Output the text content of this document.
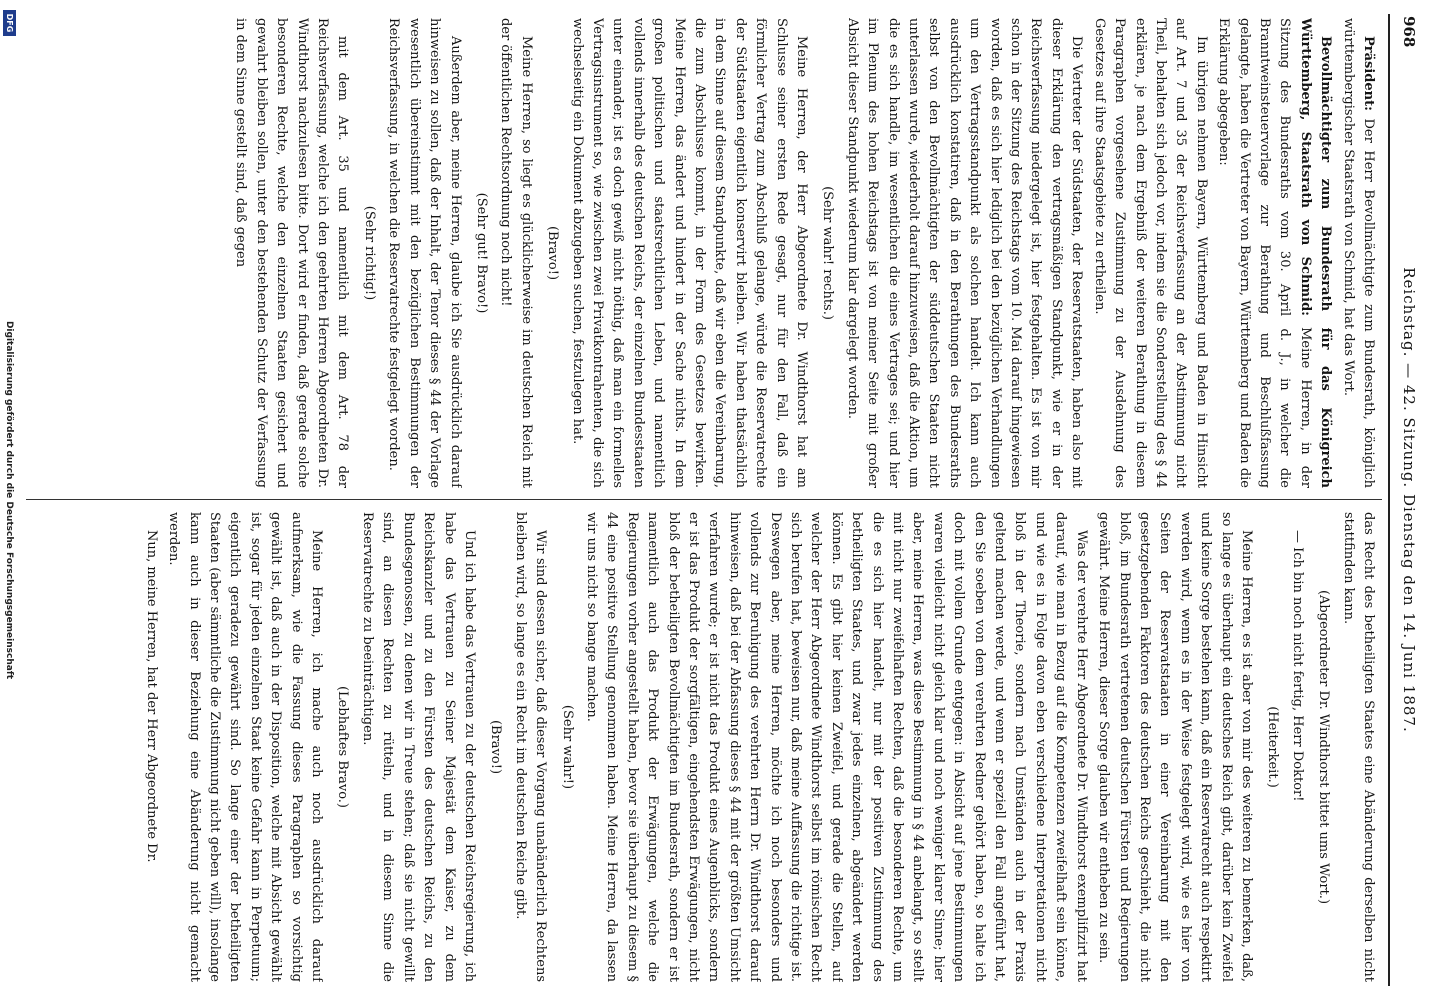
968
Reichstag. — 42. Sitzung. Dienstag den 14. Juni 1887.

Präsident: Der Herr Bevollmächtigte zum Bundesrath, königlich württembergischer Staatsrath von Schmid, hat das Wort.

Bevollmächtigter zum Bundesrath für das Königreich Württemberg, Staatsrath von Schmid: Meine Herren, in der Sitzung des Bundesraths vom 30. April d. J., in welcher die Branntweinsteuervorlage zur Berathung und Beschlußfassung gelangte, haben die Vertreter von Bayern, Württemberg und Baden die Erklärung abgegeben:

Im übrigen nehmen Bayern, Württemberg und Baden in Hinsicht auf Art. 7 und 35 der Reichsverfassung an der Abstimmung nicht Theil, behalten sich jedoch vor, indem sie die Sonderstellung des § 44 erklären, je nach dem Ergebniß der weiteren Berathung in diesem Paragraphen vorgesehene Zustimmung zu der Ausdehnung des Gesetzes auf ihre Staatsgebiete zu ertheilen.

Die Vertreter der Südstaaten, der Reservatstaaten, haben also mit dieser Erklärung den vertragsmäßigen Standpunkt, wie er in der Reichsverfassung niedergelegt ist, hier festgehalten. Es ist von mir schon in der Sitzung des Reichstags vom 10. Mai darauf hingewiesen worden, daß es sich hier lediglich bei den bezüglichen Verhandlungen um den Vertragsstandpunkt als solchen handelt. Ich kann auch ausdrücklich konstatiren, daß in den Berathungen des Bundesraths selbst von den Bevollmächtigten der süddeutschen Staaten nicht unterlassen wurde, wiederholt darauf hinzuweisen, daß die Aktion, um die es sich handle, im wesentlichen die eines Vertrages sei; und hier im Plenum des hohen Reichstags ist von meiner Seite mit großer Absicht dieser Standpunkt wiederum klar dargelegt worden.

(Sehr wahr! rechts.)

Meine Herren, der Herr Abgeordnete Dr. Windthorst hat am Schlusse seiner ersten Rede gesagt, nur für den Fall, daß ein förmlicher Vertrag zum Abschluß gelange, würde die Reservatrechte der Südstaaten eigentlich konservirt bleiben. Wir haben thatsächlich in dem Sinne auf diesem Standpunkte, daß wir eben die Vereinbarung, die zum Abschlusse kommt, in der Form des Gesetzes bewirken. Meine Herren, das ändert und hindert in der Sache nichts. In dem großen politischen und staatsrechtlichen Leben, und namentlich vollends innerhalb des deutschen Reichs, der einzelnen Bundesstaaten unter einander, ist es doch gewiß nicht nöthig, daß man ein formelles Vertragsinstrument so, wie zwischen zwei Privatkontrahenten, die sich wechselseitig ein Dokument abzugeben suchen, festzulegen hat.

(Bravo!)

Meine Herren, so liegt es glücklicherweise im deutschen Reich mit der öffentlichen Rechtsordnung noch nicht!

(Sehr gut! Bravo!)

Außerdem aber, meine Herren, glaube ich Sie ausdrücklich darauf hinweisen zu sollen, daß der Inhalt, der Tenor dieses § 44 der Vorlage wesentlich übereinstimmt mit den bezüglichen Bestimmungen der Reichsverfassung, in welchen die Reservatrechte festgelegt worden.

(Sehr richtig!)

mit dem Art. 35 und namentlich mit dem Art. 78 der Reichsverfassung, welche ich den geehrten Herren Abgeordneten Dr. Windthorst nachzulesen bitte. Dort wird er finden, daß gerade solche besonderen Rechte, welche den einzelnen Staaten gesichert und gewahrt bleiben sollen, unter den bestehenden Schutz der Verfassung in dem Sinne gestellt sind, daß gegen

das Recht des betheiligten Staates eine Abänderung derselben nicht stattfinden kann.

(Abgeordneter Dr. Windthorst bittet ums Wort.)

— Ich bin noch nicht fertig, Herr Doktor!

(Heiterkeit.)

Meine Herren, es ist aber von mir des weiteren zu bemerken, daß, so lange es überhaupt ein deutsches Reich gibt, darüber kein Zweifel und keine Sorge bestehen kann, daß ein Reservatrecht auch respektirt werden wird, wenn es in der Weise festgelegt wird, wie es hier von Seiten der Reservatstaaten in einer Vereinbarung mit den gesetzgebenden Faktoren des deutschen Reichs geschieht, die nicht bloß, im Bundesrath vertretenen deutschen Fürsten und Regierungen gewährt. Meine Herren, dieser Sorge glauben wir entheben zu sein.

Was der verehrte Herr Abgeordnete Dr. Windthorst exemplifizirt hat darauf, wie man in Bezug auf die Kompetenzen zweifelhaft sein könne, und wie es in Folge davon eben verschiedene Interpretationen nicht bloß in der Theorie, sondern nach Umständen auch in der Praxis geltend machen werde, und wenn er speziell den Fall angeführt hat, den Sie soeben von dem verehrten Redner gehört haben, so halte ich doch mit vollem Grunde entgegen: in Absicht auf jene Bestimmungen waren vielleicht nicht gleich klar und noch weniger klarer Sinne; hier aber, meine Herren, was diese Bestimmung in § 44 anbelangt, so stellt mit nicht nur zweifelhaften Rechten, daß die besonderen Rechte, um die es sich hier handelt, nur mit der positiven Zustimmung des betheiligten Staates, und zwar jedes einzelnen, abgeändert werden können. Es gibt hier keinen Zweifel, und gerade die Stellen, auf welcher der Herr Abgeordnete Windthorst selbst im römischen Recht sich berufen hat, beweisen nur, daß meine Auffassung die richtige ist. Deswegen aber, meine Herren, möchte ich noch besonders und vollends zur Beruhigung des verehrten Herrn Dr. Windthorst darauf hinweisen, daß bei der Abfassung dieses § 44 mit der größten Umsicht verfahren wurde; er ist nicht das Produkt eines Augenblicks, sondern er ist das Produkt der sorgfältigen, eingehendsten Erwägungen, nicht bloß der betheiligten Bevollmächtigten im Bundesrath, sondern er ist namentlich auch das Produkt der Erwägungen, welche die Regierungen vorher angestellt haben, bevor sie überhaupt zu diesem § 44 eine positive Stellung genommen haben. Meine Herren, da lassen wir uns nicht so bange machen.

(Sehr wahr!)

Wir sind dessen sicher, daß dieser Vorgang unabänderlich Rechtens bleiben wird, so lange es ein Recht im deutschen Reiche gibt.

(Bravo!)

Und ich habe das Vertrauen zu der deutschen Reichsregierung, ich habe das Vertrauen zu Seiner Majestät dem Kaiser, zu dem Reichskanzler und zu den Fürsten des deutschen Reichs, zu den Bundesgenossen, zu denen wir in Treue stehen; daß sie nicht gewillt sind, an diesen Rechten zu rütteln, und in diesem Sinne die Reservatrechte zu beeinträchtigen.

(Lebhaftes Bravo.)

Meine Herren, ich mache auch noch ausdrücklich darauf aufmerksam, wie die Fassung dieses Paragraphen so vorsichtig gewählt ist, daß auch in der Disposition, welche mit Absicht gewählt ist, sogar für jeden einzelnen Staat keine Gefahr kann in Perpetuum; eigentlich geradezu gewährt sind. So lange einer der betheiligten Staaten (aber sämmtliche die Zustimmung nicht geben will), insolange kann auch in dieser Beziehung eine Abänderung nicht gemacht werden.

Nun, meine Herren, hat der Herr Abgeordnete Dr.

DFG
Digitalisierung gefördert durch die Deutsche Forschungsgemeinschaft
